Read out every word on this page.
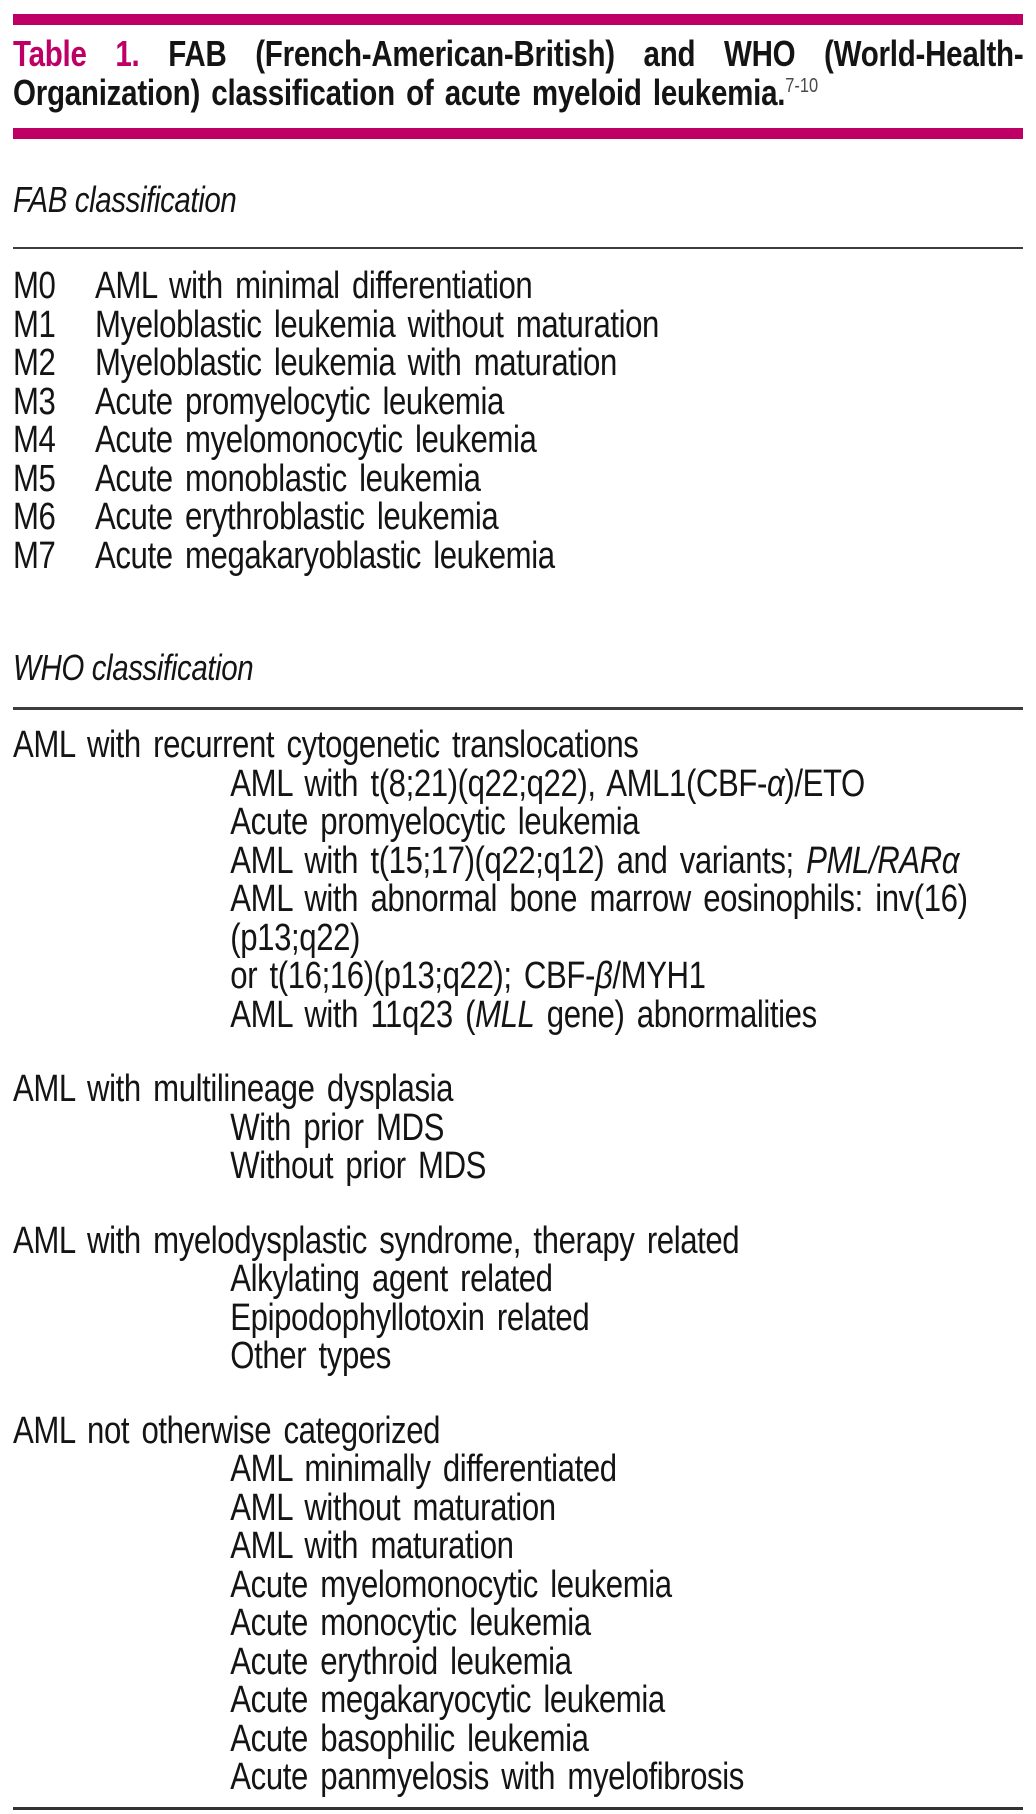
Table 1. FAB (French-American-British) and WHO (World-Health-
Organization) classification of acute myeloid leukemia.$^{7-10}$
FAB classification
M0	AML with minimal differentiation
M1	Myeloblastic leukemia without maturation
M2	Myeloblastic leukemia with maturation
M3	Acute promyelocytic leukemia
M4	Acute myelomonocytic leukemia
M5	Acute monoblastic leukemia
M6	Acute erythroblastic leukemia
M7	Acute megakaryoblastic leukemia
WHO classification
AML with recurrent cytogenetic translocations
AML with t(8;21)(q22;q22), AML1(CBF-α)/ETO
Acute promyelocytic leukemia
AML with t(15;17)(q22;q12) and variants; PML/RARα
AML with abnormal bone marrow eosinophils: inv(16)(p13;q22)
or t(16;16)(p13;q22); CBF-β/MYH1
AML with 11q23 (MLL gene) abnormalities
AML with multilineage dysplasia
With prior MDS
Without prior MDS
AML with myelodysplastic syndrome, therapy related
Alkylating agent related
Epipodophyllotoxin related
Other types
AML not otherwise categorized
AML minimally differentiated
AML without maturation
AML with maturation
Acute myelomonocytic leukemia
Acute monocytic leukemia
Acute erythroid leukemia
Acute megakaryocytic leukemia
Acute basophilic leukemia
Acute panmyelosis with myelofibrosis
